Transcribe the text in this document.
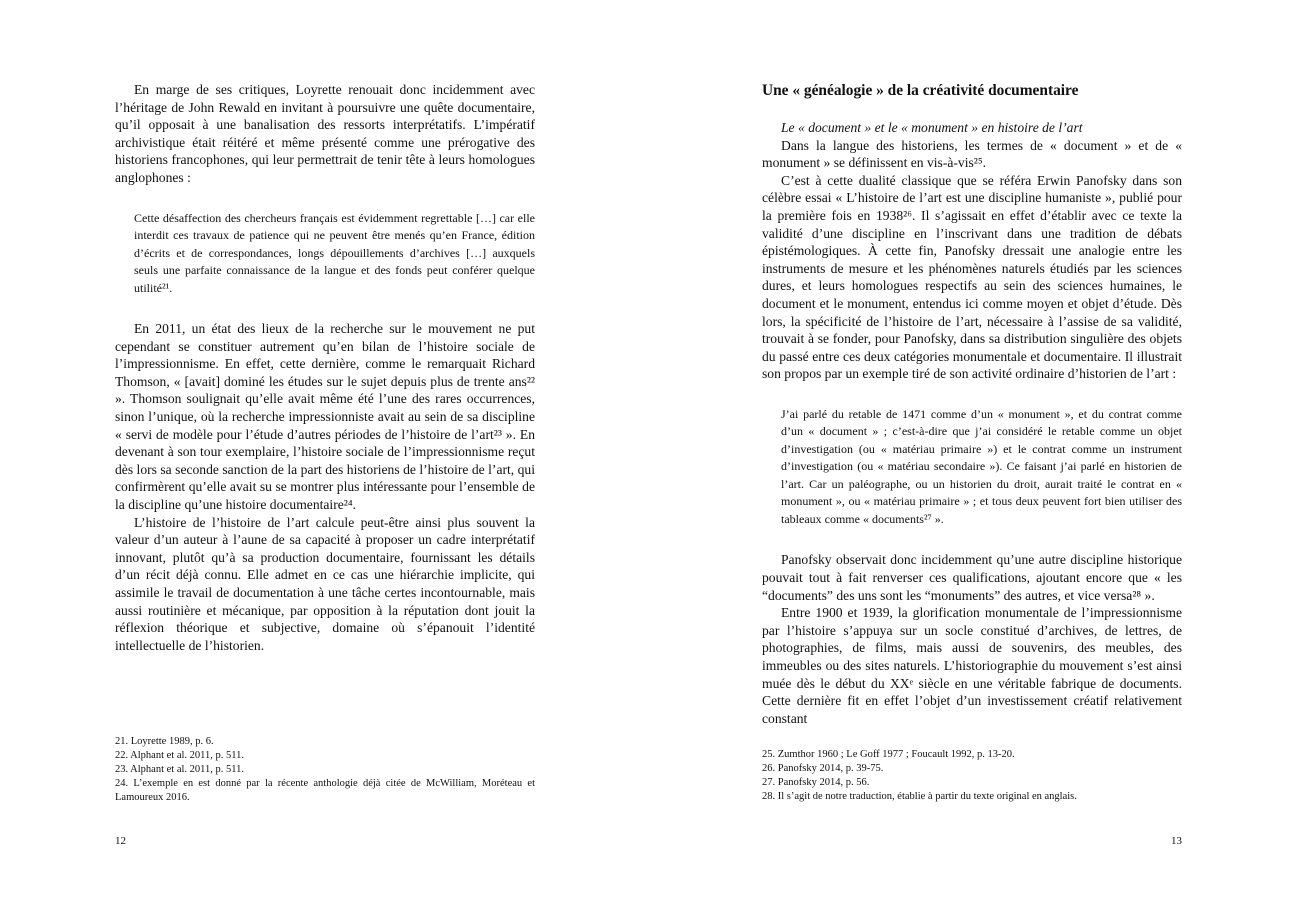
En marge de ses critiques, Loyrette renouait donc incidemment avec l’héritage de John Rewald en invitant à poursuivre une quête documentaire, qu’il opposait à une banalisation des ressorts interprétatifs. L’impératif archivistique était réitéré et même présenté comme une prérogative des historiens francophones, qui leur permettrait de tenir tête à leurs homologues anglophones :

Cette désaffection des chercheurs français est évidemment regrettable […] car elle interdit ces travaux de patience qui ne peuvent être menés qu’en France, édition d’écrits et de correspondances, longs dépouillements d’archives […] auxquels seuls une parfaite connaissance de la langue et des fonds peut conférer quelque utilité²¹.

En 2011, un état des lieux de la recherche sur le mouvement ne put cependant se constituer autrement qu’en bilan de l’histoire sociale de l’impressionnisme. En effet, cette dernière, comme le remarquait Richard Thomson, « [avait] dominé les études sur le sujet depuis plus de trente ans²² ». Thomson soulignait qu’elle avait même été l’une des rares occurrences, sinon l’unique, où la recherche impressionniste avait au sein de sa discipline « servi de modèle pour l’étude d’autres périodes de l’histoire de l’art²³ ». En devenant à son tour exemplaire, l’histoire sociale de l’impressionnisme reçut dès lors sa seconde sanction de la part des historiens de l’histoire de l’art, qui confirmèrent qu’elle avait su se montrer plus intéressante pour l’ensemble de la discipline qu’une histoire documentaire²⁴.

L’histoire de l’histoire de l’art calcule peut-être ainsi plus souvent la valeur d’un auteur à l’aune de sa capacité à proposer un cadre interprétatif innovant, plutôt qu’à sa production documentaire, fournissant les détails d’un récit déjà connu. Elle admet en ce cas une hiérarchie implicite, qui assimile le travail de documentation à une tâche certes incontournable, mais aussi routinière et mécanique, par opposition à la réputation dont jouit la réflexion théorique et subjective, domaine où s’épanouit l’identité intellectuelle de l’historien.

21. Loyrette 1989, p. 6.

22. Alphant et al. 2011, p. 511.

23. Alphant et al. 2011, p. 511.

24. L’exemple en est donné par la récente anthologie déjà citée de McWilliam, Moréteau et Lamoureux 2016.

12

Une « généalogie » de la créativité documentaire

Le « document » et le « monument » en histoire de l’art

Dans la langue des historiens, les termes de « document » et de « monument » se définissent en vis-à-vis²⁵.

C’est à cette dualité classique que se référa Erwin Panofsky dans son célèbre essai « L’histoire de l’art est une discipline humaniste », publié pour la première fois en 1938²⁶. Il s’agissait en effet d’établir avec ce texte la validité d’une discipline en l’inscrivant dans une tradition de débats épistémologiques. À cette fin, Panofsky dressait une analogie entre les instruments de mesure et les phénomènes naturels étudiés par les sciences dures, et leurs homologues respectifs au sein des sciences humaines, le document et le monument, entendus ici comme moyen et objet d’étude. Dès lors, la spécificité de l’histoire de l’art, nécessaire à l’assise de sa validité, trouvait à se fonder, pour Panofsky, dans sa distribution singulière des objets du passé entre ces deux catégories monumentale et documentaire. Il illustrait son propos par un exemple tiré de son activité ordinaire d’historien de l’art :

J’ai parlé du retable de 1471 comme d’un « monument », et du contrat comme d’un « document » ; c’est-à-dire que j’ai considéré le retable comme un objet d’investigation (ou « matériau primaire ») et le contrat comme un instrument d’investigation (ou « matériau secondaire »). Ce faisant j’ai parlé en historien de l’art. Car un paléographe, ou un historien du droit, aurait traité le contrat en « monument », ou « matériau primaire » ; et tous deux peuvent fort bien utiliser des tableaux comme « documents²⁷ ».

Panofsky observait donc incidemment qu’une autre discipline historique pouvait tout à fait renverser ces qualifications, ajoutant encore que « les “documents” des uns sont les “monuments” des autres, et vice versa²⁸ ».

Entre 1900 et 1939, la glorification monumentale de l’impressionnisme par l’histoire s’appuya sur un socle constitué d’archives, de lettres, de photographies, de films, mais aussi de souvenirs, des meubles, des immeubles ou des sites naturels. L’historiographie du mouvement s’est ainsi muée dès le début du XXᵉ siècle en une véritable fabrique de documents. Cette dernière fit en effet l’objet d’un investissement créatif relativement constant

25. Zumthor 1960 ; Le Goff 1977 ; Foucault 1992, p. 13-20.

26. Panofsky 2014, p. 39-75.

27. Panofsky 2014, p. 56.

28. Il s’agit de notre traduction, établie à partir du texte original en anglais.

13
